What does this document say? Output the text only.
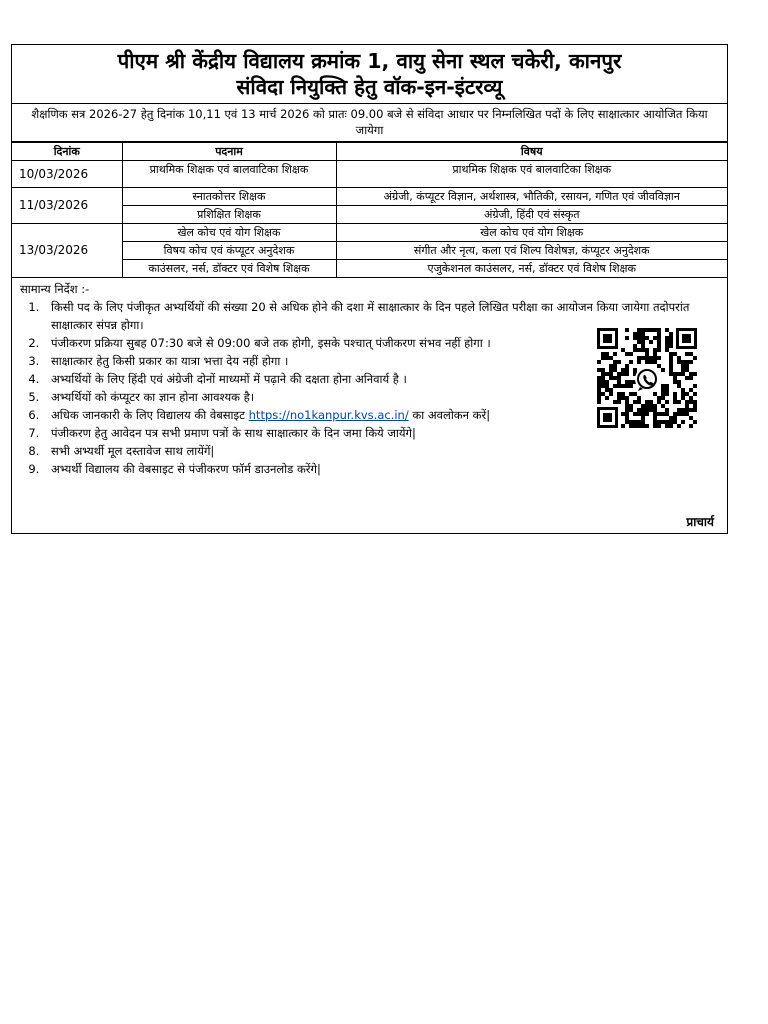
पीएम श्री केंद्रीय विद्यालय क्रमांक 1, वायु सेना स्थल चकेरी, कानपुर
संविदा नियुक्ति हेतु वॉक-इन-इंटरव्यू
शैक्षणिक सत्र 2026-27 हेतु दिनांक 10,11 एवं 13 मार्च 2026 को प्रातः 09.00 बजे से संविदा आधार पर निम्नलिखित पदों के लिए साक्षात्कार आयोजित किया जायेगा
दिनांक	पदनाम	विषय
10/03/2026	प्राथमिक शिक्षक एवं बालवाटिका शिक्षक	प्राथमिक शिक्षक एवं बालवाटिका शिक्षक
11/03/2026	स्नातकोत्तर शिक्षक	अंग्रेजी, कंप्यूटर विज्ञान, अर्थशास्त्र, भौतिकी, रसायन, गणित एवं जीवविज्ञान
	प्रशिक्षित शिक्षक	अंग्रेजी, हिंदी एवं संस्कृत
13/03/2026	खेल कोच एवं योग शिक्षक	खेल कोच एवं योग शिक्षक
	विषय कोच एवं कंप्यूटर अनुदेशक	संगीत और नृत्य, कला एवं शिल्प विशेषज्ञ, कंप्यूटर अनुदेशक
	काउंसलर, नर्स, डॉक्टर एवं विशेष शिक्षक	एजुकेशनल काउंसलर, नर्स, डॉक्टर एवं विशेष शिक्षक
सामान्य निर्देश :-
1. किसी पद के लिए पंजीकृत अभ्यर्थियों की संख्या 20 से अधिक होने की दशा में साक्षात्कार के दिन पहले लिखित परीक्षा का आयोजन किया जायेगा तदोपरांत साक्षात्कार संपन्न होगा।
2. पंजीकरण प्रक्रिया सुबह 07:30 बजे से 09:00 बजे तक होगी, इसके पश्चात् पंजीकरण संभव नहीं होगा ।
3. साक्षात्कार हेतु किसी प्रकार का यात्रा भत्ता देय नहीं होगा ।
4. अभ्यर्थियों के लिए हिंदी एवं अंग्रेजी दोनों माध्यमों में पढ़ाने की दक्षता होना अनिवार्य है ।
5. अभ्यर्थियों को कंप्यूटर का ज्ञान होना आवश्यक है।
6. अधिक जानकारी के लिए विद्यालय की वेबसाइट https://no1kanpur.kvs.ac.in/ का अवलोकन करें|
7. पंजीकरण हेतु आवेदन पत्र सभी प्रमाण पत्रों के साथ साक्षात्कार के दिन जमा किये जायेंगे|
8. सभी अभ्यर्थी मूल दस्तावेज साथ लायेंगें|
9. अभ्यर्थी विद्यालय की वेबसाइट से पंजीकरण फॉर्म डाउनलोड करेंगे|
प्राचार्य
